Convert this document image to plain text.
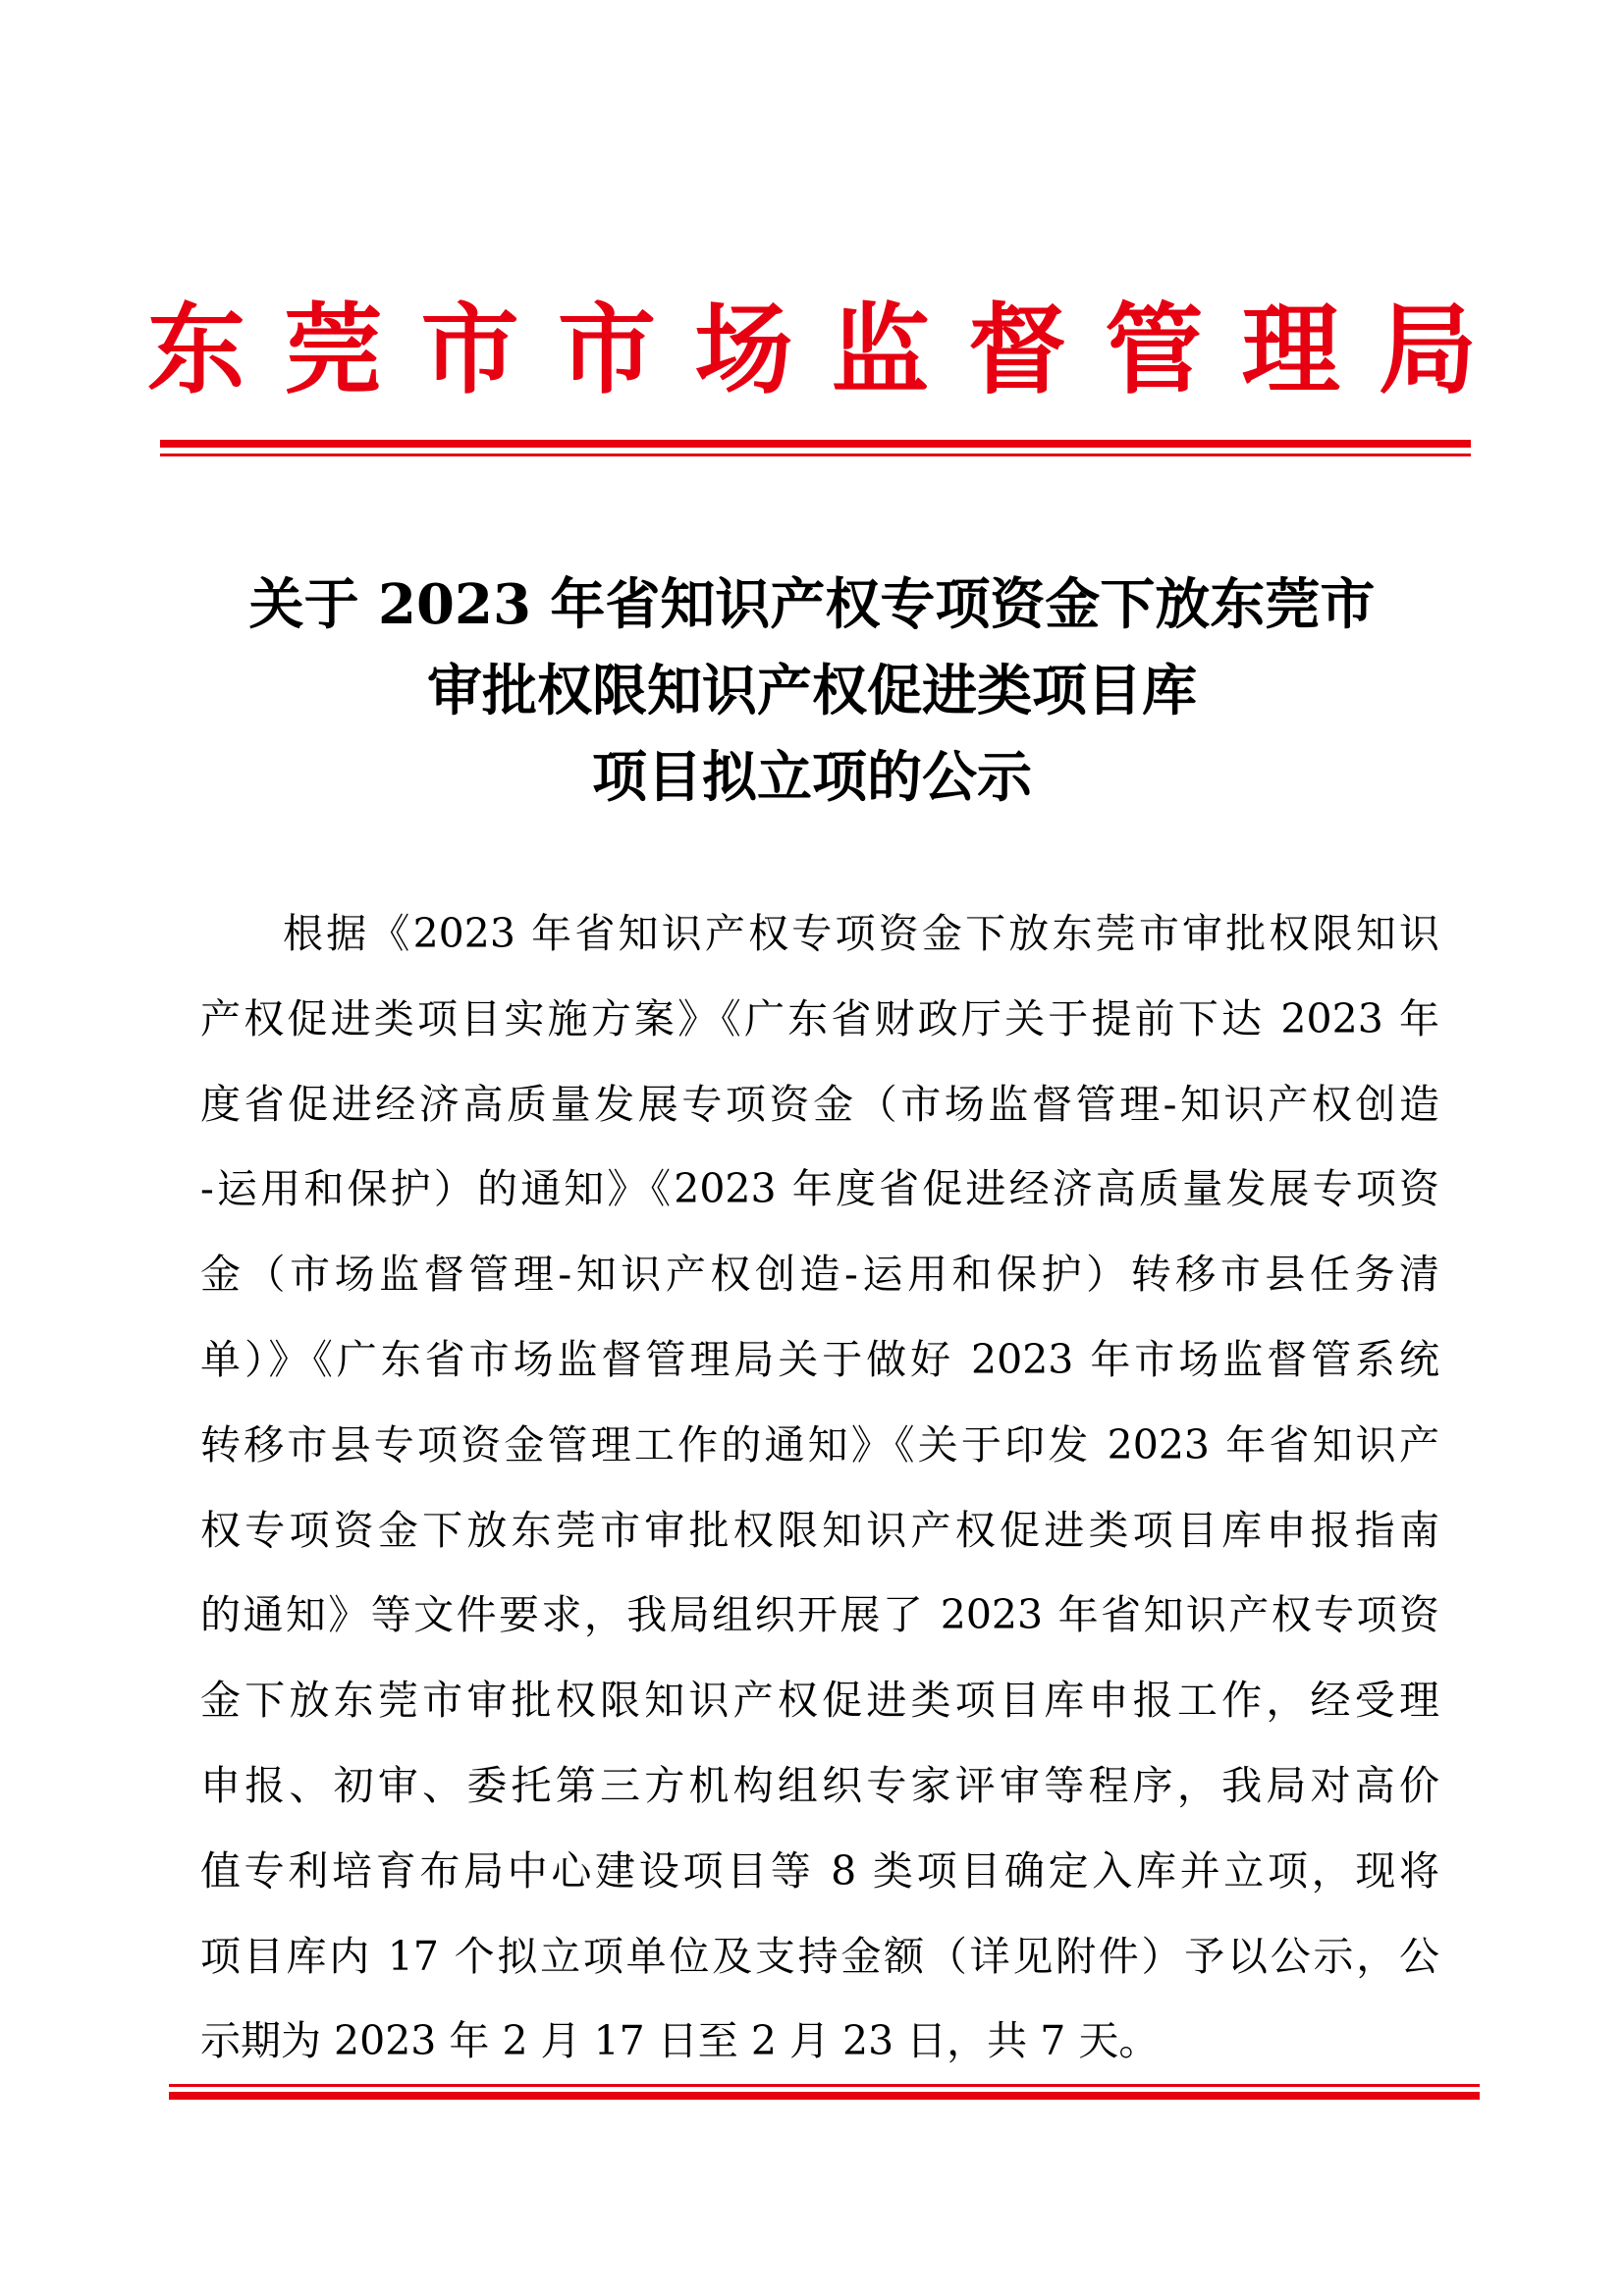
东莞市市场监督管理局
关于 2023 年省知识产权专项资金下放东莞市
审批权限知识产权促进类项目库
项目拟立项的公示
根据《2023 年省知识产权专项资金下放东莞市审批权限知识
产权促进类项目实施方案》《广东省财政厅关于提前下达 2023 年
度省促进经济高质量发展专项资金（市场监督管理-知识产权创造
-运用和保护）的通知》《2023 年度省促进经济高质量发展专项资
金（市场监督管理-知识产权创造-运用和保护）转移市县任务清
单）》《广东省市场监督管理局关于做好 2023 年市场监督管系统
转移市县专项资金管理工作的通知》《关于印发 2023 年省知识产
权专项资金下放东莞市审批权限知识产权促进类项目库申报指南
的通知》等文件要求，我局组织开展了 2023 年省知识产权专项资
金下放东莞市审批权限知识产权促进类项目库申报工作，经受理
申报、初审、委托第三方机构组织专家评审等程序，我局对高价
值专利培育布局中心建设项目等 8 类项目确定入库并立项，现将
项目库内 17 个拟立项单位及支持金额（详见附件）予以公示，公
示期为 2023 年 2 月 17 日至 2 月 23 日，共 7 天。
